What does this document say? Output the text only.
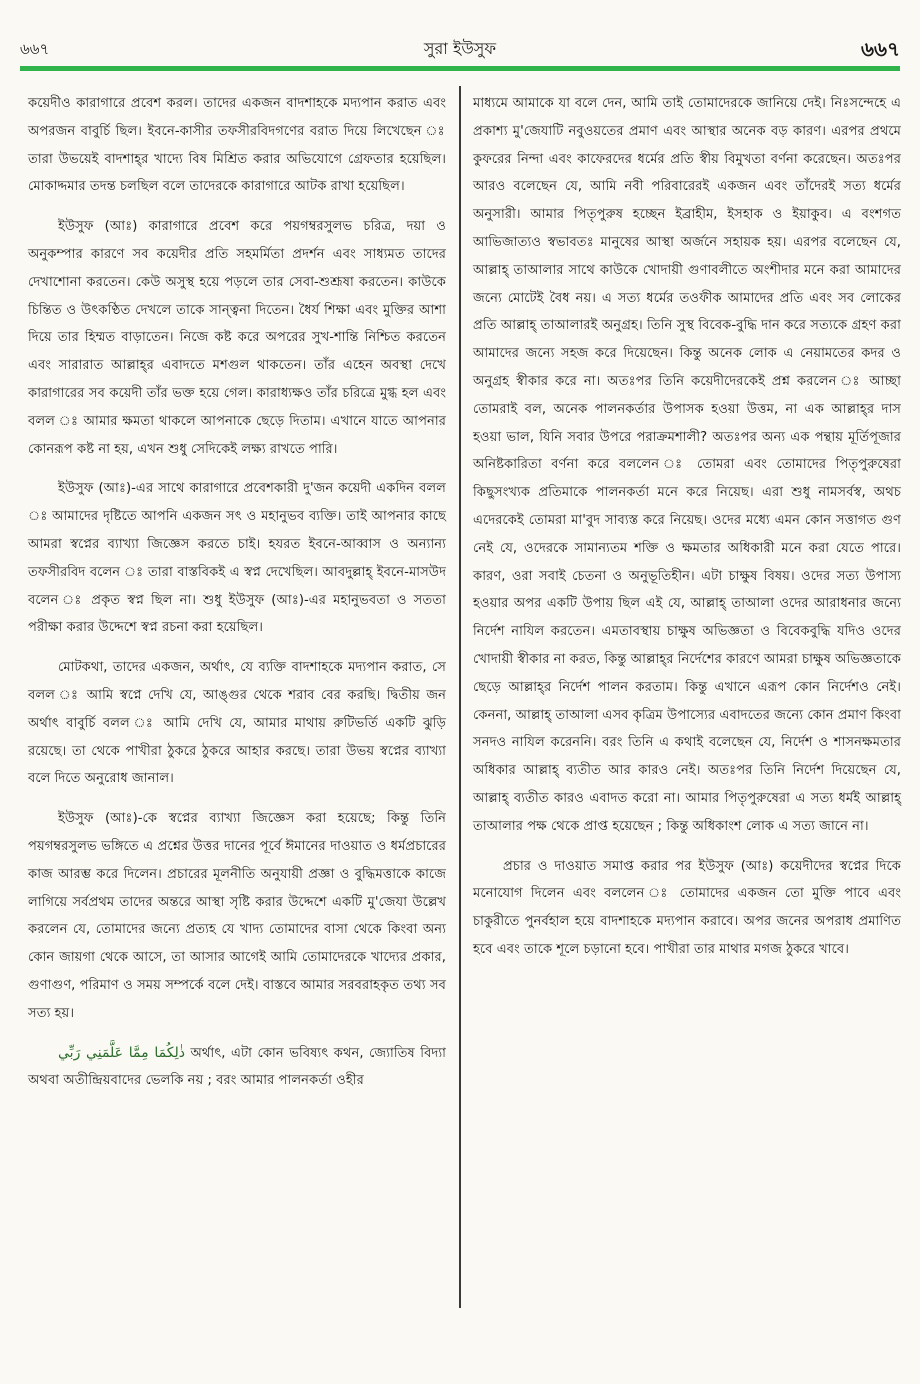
৬৬৭	সুরা ইউসুফ	৬৬৭

কয়েদীও কারাগারে প্রবেশ করল। তাদের একজন বাদশাহকে মদ্যপান করাত এবং অপরজন বাবুর্চি ছিল। ইবনে-কাসীর তফসীরবিদগণের বরাত দিয়ে লিখেছেন ঃ তারা উভয়েই বাদশাহ্‌র খাদ্যে বিষ মিশ্রিত করার অভিযোগে গ্রেফতার হয়েছিল। মোকাদ্দমার তদন্ত চলছিল বলে তাদেরকে কারাগারে আটক রাখা হয়েছিল।

ইউসুফ (আঃ) কারাগারে প্রবেশ করে পয়গম্বরসুলভ চরিত্র, দয়া ও অনুকম্পার কারণে সব কয়েদীর প্রতি সহমর্মিতা প্রদর্শন এবং সাধ্যমত তাদের দেখাশোনা করতেন। কেউ অসুস্থ হয়ে পড়লে তার সেবা-শুশ্রূষা করতেন। কাউকে চিন্তিত ও উৎকণ্ঠিত দেখলে তাকে সান্ত্বনা দিতেন। ধৈর্য শিক্ষা এবং মুক্তির আশা দিয়ে তার হিম্মত বাড়াতেন। নিজে কষ্ট করে অপরের সুখ-শান্তি নিশ্চিত করতেন এবং সারারাত আল্লাহ্‌র এবাদতে মশগুল থাকতেন। তাঁর এহেন অবস্থা দেখে কারাগারের সব কয়েদী তাঁর ভক্ত হয়ে গেল। কারাধ্যক্ষও তাঁর চরিত্রে মুগ্ধ হল এবং বলল ঃ আমার ক্ষমতা থাকলে আপনাকে ছেড়ে দিতাম। এখানে যাতে আপনার কোনরূপ কষ্ট না হয়, এখন শুধু সেদিকেই লক্ষ্য রাখতে পারি।

ইউসুফ (আঃ)-এর সাথে কারাগারে প্রবেশকারী দু'জন কয়েদী একদিন বলল ঃ আমাদের দৃষ্টিতে আপনি একজন সৎ ও মহানুভব ব্যক্তি। তাই আপনার কাছে আমরা স্বপ্নের ব্যাখ্যা জিজ্ঞেস করতে চাই। হযরত ইবনে-আব্বাস ও অন্যান্য তফসীরবিদ বলেন ঃ তারা বাস্তবিকই এ স্বপ্ন দেখেছিল। আবদুল্লাহ্‌ ইবনে-মাসউদ বলেন ঃ প্রকৃত স্বপ্ন ছিল না। শুধু ইউসুফ (আঃ)-এর মহানুভবতা ও সততা পরীক্ষা করার উদ্দেশে স্বপ্ন রচনা করা হয়েছিল।

মোটকথা, তাদের একজন, অর্থাৎ, যে ব্যক্তি বাদশাহকে মদ্যপান করাত, সে বলল ঃ আমি স্বপ্নে দেখি যে, আঙ্গুর থেকে শরাব বের করছি। দ্বিতীয় জন অর্থাৎ বাবুর্চি বলল ঃ আমি দেখি যে, আমার মাথায় রুটিভর্তি একটি ঝুড়ি রয়েছে। তা থেকে পাখীরা ঠুকরে ঠুকরে আহার করছে। তারা উভয় স্বপ্নের ব্যাখ্যা বলে দিতে অনুরোধ জানাল।

ইউসুফ (আঃ)-কে স্বপ্নের ব্যাখ্যা জিজ্ঞেস করা হয়েছে; কিন্তু তিনি পয়গম্বরসুলভ ভঙ্গিতে এ প্রশ্নের উত্তর দানের পূর্বে ঈমানের দাওয়াত ও ধর্মপ্রচারের কাজ আরম্ভ করে দিলেন। প্রচারের মূলনীতি অনুযায়ী প্রজ্ঞা ও বুদ্ধিমত্তাকে কাজে লাগিয়ে সর্বপ্রথম তাদের অন্তরে আস্থা সৃষ্টি করার উদ্দেশে একটি মু'জেযা উল্লেখ করলেন যে, তোমাদের জন্যে প্রত্যহ যে খাদ্য তোমাদের বাসা থেকে কিংবা অন্য কোন জায়গা থেকে আসে, তা আসার আগেই আমি তোমাদেরকে খাদ্যের প্রকার, গুণাগুণ, পরিমাণ ও সময় সম্পর্কে বলে দেই। বাস্তবে আমার সরবরাহকৃত তথ্য সব সত্য হয়।

ذٰلِكُمَا مِمَّا عَلَّمَنِي رَبِّي অর্থাৎ, এটা কোন ভবিষ্যৎ কথন, জ্যোতিষ বিদ্যা অথবা অতীন্দ্রিয়বাদের ভেলকি নয় ; বরং আমার পালনকর্তা ওহীর

মাধ্যমে আমাকে যা বলে দেন, আমি তাই তোমাদেরকে জানিয়ে দেই। নিঃসন্দেহে এ প্রকাশ্য মু'জেযাটি নবুওয়তের প্রমাণ এবং আস্থার অনেক বড় কারণ। এরপর প্রথমে কুফরের নিন্দা এবং কাফেরদের ধর্মের প্রতি স্বীয় বিমুখতা বর্ণনা করেছেন। অতঃপর আরও বলেছেন যে, আমি নবী পরিবারেরই একজন এবং তাঁদেরই সত্য ধর্মের অনুসারী। আমার পিতৃপুরুষ হচ্ছেন ইব্রাহীম, ইসহাক ও ইয়াকুব। এ বংশগত আভিজাত্যও স্বভাবতঃ মানুষের আস্থা অর্জনে সহায়ক হয়। এরপর বলেছেন যে, আল্লাহ্‌ তাআলার সাথে কাউকে খোদায়ী গুণাবলীতে অংশীদার মনে করা আমাদের জন্যে মোটেই বৈধ নয়। এ সত্য ধর্মের তওফীক আমাদের প্রতি এবং সব লোকের প্রতি আল্লাহ্‌ তাআলারই অনুগ্রহ। তিনি সুস্থ বিবেক-বুদ্ধি দান করে সত্যকে গ্রহণ করা আমাদের জন্যে সহজ করে দিয়েছেন। কিন্তু অনেক লোক এ নেয়ামতের কদর ও অনুগ্রহ স্বীকার করে না। অতঃপর তিনি কয়েদীদেরকেই প্রশ্ন করলেন ঃ আচ্ছা তোমরাই বল, অনেক পালনকর্তার উপাসক হওয়া উত্তম, না এক আল্লাহ্‌র দাস হওয়া ভাল, যিনি সবার উপরে পরাক্রমশালী? অতঃপর অন্য এক পন্থায় মূর্তিপূজার অনিষ্টকারিতা বর্ণনা করে বললেন ঃ তোমরা এবং তোমাদের পিতৃপুরুষেরা কিছুসংখ্যক প্রতিমাকে পালনকর্তা মনে করে নিয়েছ। এরা শুধু নামসর্বস্ব, অথচ এদেরকেই তোমরা মা'বুদ সাব্যস্ত করে নিয়েছ। ওদের মধ্যে এমন কোন সত্তাগত গুণ নেই যে, ওদেরকে সামান্যতম শক্তি ও ক্ষমতার অধিকারী মনে করা যেতে পারে। কারণ, ওরা সবাই চেতনা ও অনুভূতিহীন। এটা চাক্ষুষ বিষয়। ওদের সত্য উপাস্য হওয়ার অপর একটি উপায় ছিল এই যে, আল্লাহ্‌ তাআলা ওদের আরাধনার জন্যে নির্দেশ নাযিল করতেন। এমতাবস্থায় চাক্ষুষ অভিজ্ঞতা ও বিবেকবুদ্ধি যদিও ওদের খোদায়ী স্বীকার না করত, কিন্তু আল্লাহ্‌র নির্দেশের কারণে আমরা চাক্ষুষ অভিজ্ঞতাকে ছেড়ে আল্লাহ্‌র নির্দেশ পালন করতাম। কিন্তু এখানে এরূপ কোন নির্দেশও নেই। কেননা, আল্লাহ্‌ তাআলা এসব কৃত্রিম উপাস্যের এবাদতের জন্যে কোন প্রমাণ কিংবা সনদও নাযিল করেননি। বরং তিনি এ কথাই বলেছেন যে, নির্দেশ ও শাসনক্ষমতার অধিকার আল্লাহ্‌ ব্যতীত আর কারও নেই। অতঃপর তিনি নির্দেশ দিয়েছেন যে, আল্লাহ্‌ ব্যতীত কারও এবাদত করো না। আমার পিতৃপুরুষেরা এ সত্য ধর্মই আল্লাহ্‌ তাআলার পক্ষ থেকে প্রাপ্ত হয়েছেন ; কিন্তু অধিকাংশ লোক এ সত্য জানে না।

প্রচার ও দাওয়াত সমাপ্ত করার পর ইউসুফ (আঃ) কয়েদীদের স্বপ্নের দিকে মনোযোগ দিলেন এবং বললেন ঃ তোমাদের একজন তো মুক্তি পাবে এবং চাকুরীতে পুনর্বহাল হয়ে বাদশাহকে মদ্যপান করাবে। অপর জনের অপরাধ প্রমাণিত হবে এবং তাকে শূলে চড়ানো হবে। পাখীরা তার মাথার মগজ ঠুকরে খাবে।
